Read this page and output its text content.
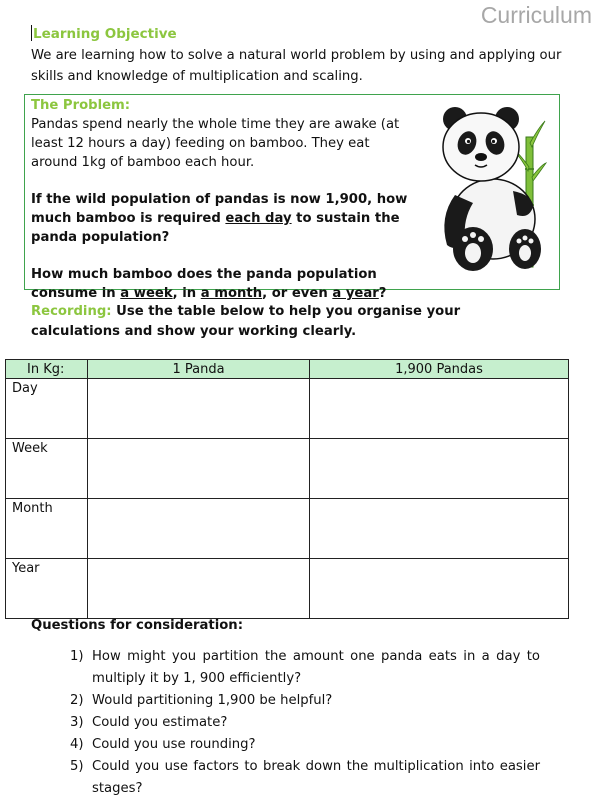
Curriculum
Learning Objective
We are learning how to solve a natural world problem by using and applying our skills and knowledge of multiplication and scaling.
The Problem:

Pandas spend nearly the whole time they are awake (at least 12 hours a day) feeding on bamboo. They eat around 1kg of bamboo each hour.

If the wild population of pandas is now 1,900, how much bamboo is required each day to sustain the panda population?

How much bamboo does the panda population consume in a week, in a month, or even a year?

Recording: Use the table below to help you organise your calculations and show your working clearly.
In Kg:	1 Panda	1,900 Pandas
Day		
Week		
Month		
Year		
Questions for consideration:
1) How might you partition the amount one panda eats in a day to multiply it by 1, 900 efficiently?
2) Would partitioning 1,900 be helpful?
3) Could you estimate?
4) Could you use rounding?
5) Could you use factors to break down the multiplication into easier stages?
